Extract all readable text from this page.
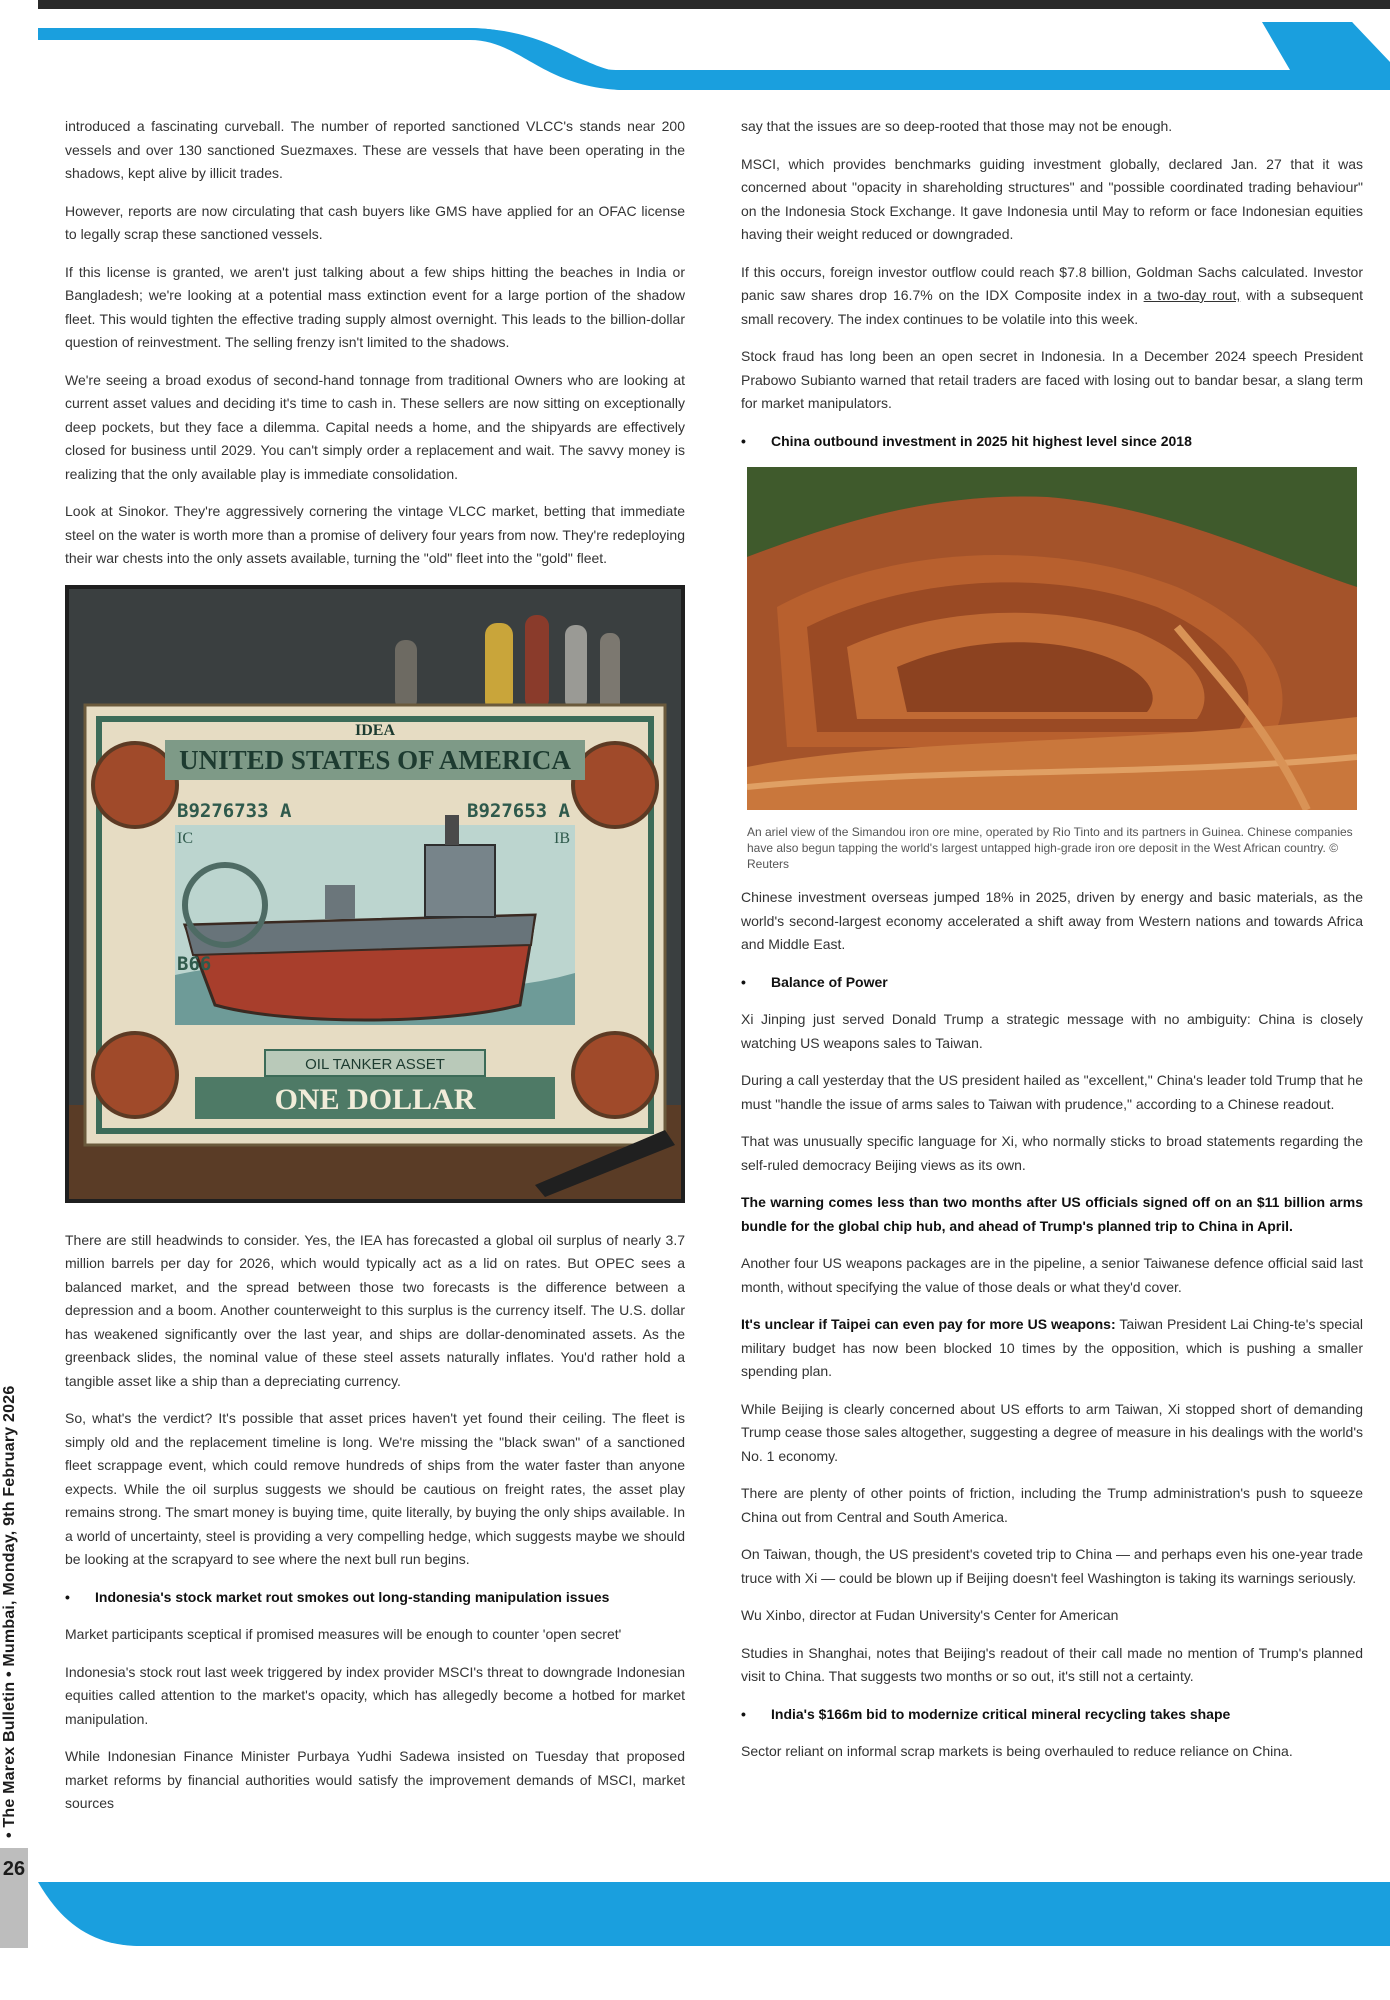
26
• The Marex Bulletin • Mumbai, Monday, 9th February 2026

introduced a fascinating curveball. The number of reported sanctioned VLCC's stands near 200 vessels and over 130 sanctioned Suezmaxes. These are vessels that have been operating in the shadows, kept alive by illicit trades.

However, reports are now circulating that cash buyers like GMS have applied for an OFAC license to legally scrap these sanctioned vessels.

If this license is granted, we aren't just talking about a few ships hitting the beaches in India or Bangladesh; we're looking at a potential mass extinction event for a large portion of the shadow fleet. This would tighten the effective trading supply almost overnight. This leads to the billion-dollar question of reinvestment. The selling frenzy isn't limited to the shadows.

We're seeing a broad exodus of second-hand tonnage from traditional Owners who are looking at current asset values and deciding it's time to cash in. These sellers are now sitting on exceptionally deep pockets, but they face a dilemma. Capital needs a home, and the shipyards are effectively closed for business until 2029. You can't simply order a replacement and wait. The savvy money is realizing that the only available play is immediate consolidation.

Look at Sinokor. They're aggressively cornering the vintage VLCC market, betting that immediate steel on the water is worth more than a promise of delivery four years from now. They're redeploying their war chests into the only assets available, turning the "old" fleet into the "gold" fleet.

IDEA
UNITED STATES OF AMERICA
B9276733 A	B927653 A
IC	IB
B66
OIL TANKER ASSET
ONE DOLLAR

There are still headwinds to consider. Yes, the IEA has forecasted a global oil surplus of nearly 3.7 million barrels per day for 2026, which would typically act as a lid on rates. But OPEC sees a balanced market, and the spread between those two forecasts is the difference between a depression and a boom. Another counterweight to this surplus is the currency itself. The U.S. dollar has weakened significantly over the last year, and ships are dollar-denominated assets. As the greenback slides, the nominal value of these steel assets naturally inflates. You'd rather hold a tangible asset like a ship than a depreciating currency.

So, what's the verdict? It's possible that asset prices haven't yet found their ceiling. The fleet is simply old and the replacement timeline is long. We're missing the "black swan" of a sanctioned fleet scrappage event, which could remove hundreds of ships from the water faster than anyone expects. While the oil surplus suggests we should be cautious on freight rates, the asset play remains strong. The smart money is buying time, quite literally, by buying the only ships available. In a world of uncertainty, steel is providing a very compelling hedge, which suggests maybe we should be looking at the scrapyard to see where the next bull run begins.

•	Indonesia's stock market rout smokes out long-standing manipulation issues

Market participants sceptical if promised measures will be enough to counter 'open secret'

Indonesia's stock rout last week triggered by index provider MSCI's threat to downgrade Indonesian equities called attention to the market's opacity, which has allegedly become a hotbed for market manipulation.

While Indonesian Finance Minister Purbaya Yudhi Sadewa insisted on Tuesday that proposed market reforms by financial authorities would satisfy the improvement demands of MSCI, market sources

say that the issues are so deep-rooted that those may not be enough.

MSCI, which provides benchmarks guiding investment globally, declared Jan. 27 that it was concerned about "opacity in shareholding structures" and "possible coordinated trading behaviour" on the Indonesia Stock Exchange. It gave Indonesia until May to reform or face Indonesian equities having their weight reduced or downgraded.

If this occurs, foreign investor outflow could reach $7.8 billion, Goldman Sachs calculated. Investor panic saw shares drop 16.7% on the IDX Composite index in a two-day rout, with a subsequent small recovery. The index continues to be volatile into this week.

Stock fraud has long been an open secret in Indonesia. In a December 2024 speech President Prabowo Subianto warned that retail traders are faced with losing out to bandar besar, a slang term for market manipulators.

•	China outbound investment in 2025 hit highest level since 2018
An ariel view of the Simandou iron ore mine, operated by Rio Tinto and its partners in Guinea. Chinese companies have also begun tapping the world's largest untapped high-grade iron ore deposit in the West African country. © Reuters

Chinese investment overseas jumped 18% in 2025, driven by energy and basic materials, as the world's second-largest economy accelerated a shift away from Western nations and towards Africa and Middle East.

•	Balance of Power

Xi Jinping just served Donald Trump a strategic message with no ambiguity: China is closely watching US weapons sales to Taiwan.

During a call yesterday that the US president hailed as "excellent," China's leader told Trump that he must "handle the issue of arms sales to Taiwan with prudence," according to a Chinese readout.

That was unusually specific language for Xi, who normally sticks to broad statements regarding the self-ruled democracy Beijing views as its own.

The warning comes less than two months after US officials signed off on an $11 billion arms bundle for the global chip hub, and ahead of Trump's planned trip to China in April.

Another four US weapons packages are in the pipeline, a senior Taiwanese defence official said last month, without specifying the value of those deals or what they'd cover.

It's unclear if Taipei can even pay for more US weapons: Taiwan President Lai Ching-te's special military budget has now been blocked 10 times by the opposition, which is pushing a smaller spending plan.

While Beijing is clearly concerned about US efforts to arm Taiwan, Xi stopped short of demanding Trump cease those sales altogether, suggesting a degree of measure in his dealings with the world's No. 1 economy.

There are plenty of other points of friction, including the Trump administration's push to squeeze China out from Central and South America.

On Taiwan, though, the US president's coveted trip to China — and perhaps even his one-year trade truce with Xi — could be blown up if Beijing doesn't feel Washington is taking its warnings seriously.

Wu Xinbo, director at Fudan University's Center for American

Studies in Shanghai, notes that Beijing's readout of their call made no mention of Trump's planned visit to China. That suggests two months or so out, it's still not a certainty.

•	India's $166m bid to modernize critical mineral recycling takes shape

Sector reliant on informal scrap markets is being overhauled to reduce reliance on China.
